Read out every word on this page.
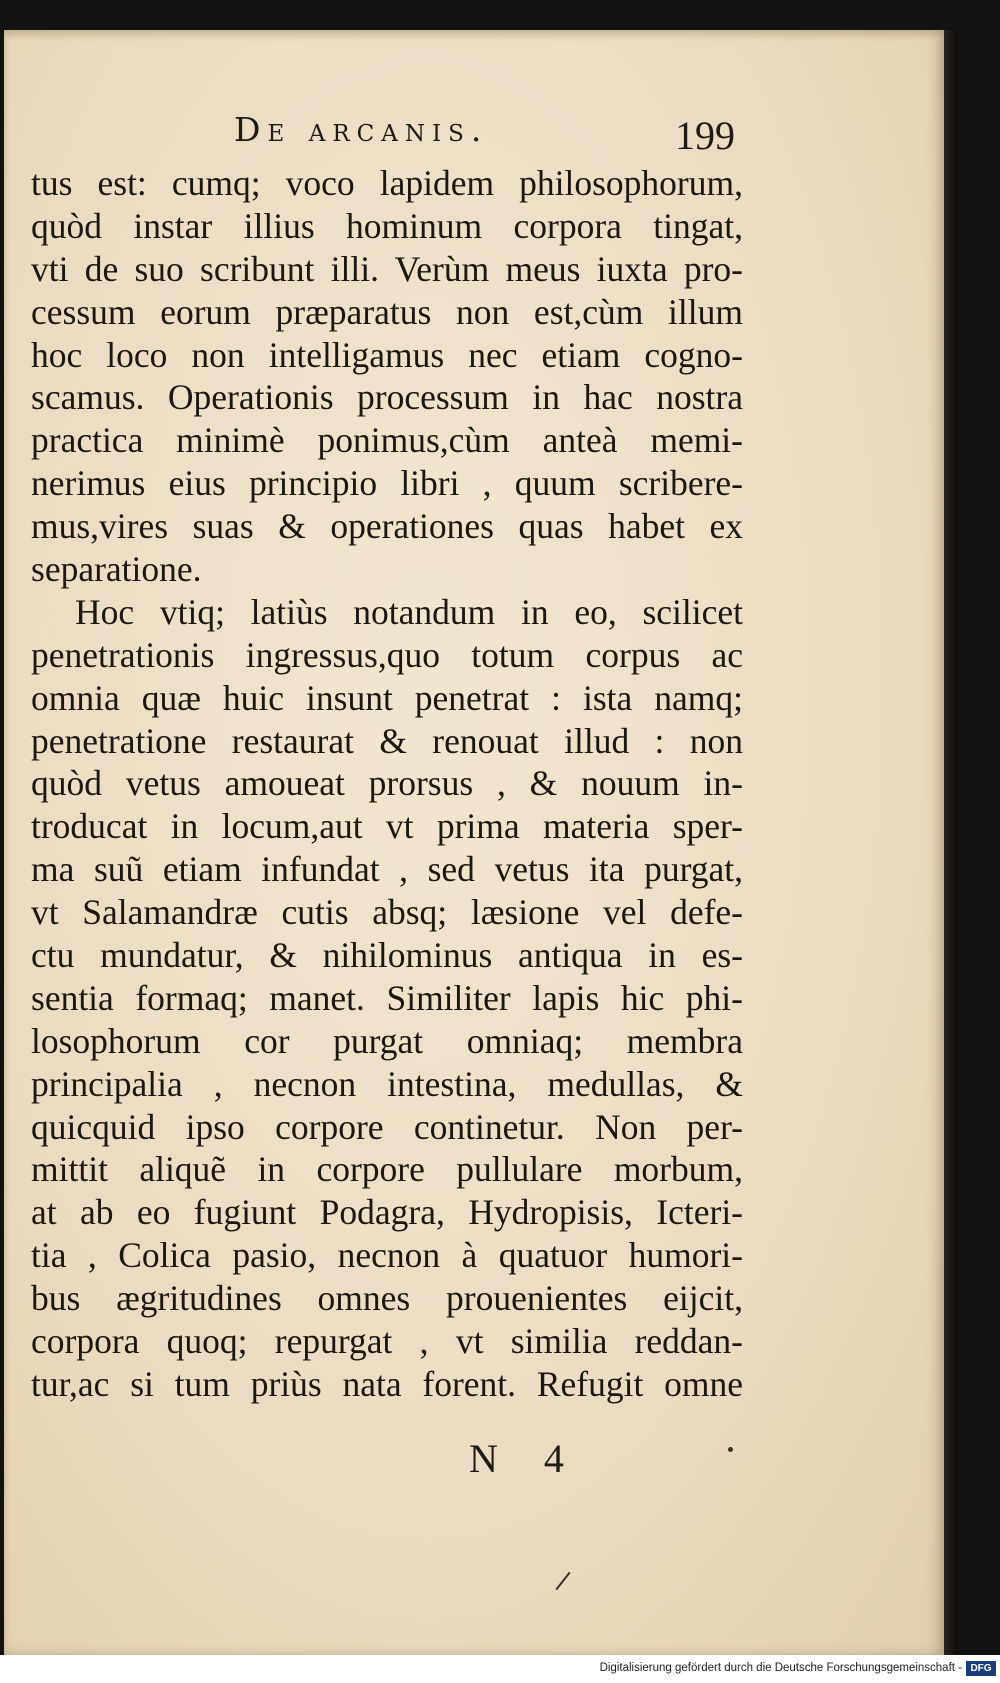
De arcanis.	199
tus est: cumq; voco lapidem philosophorum,
quòd instar illius hominum corpora tingat,
vti de suo scribunt illi. Verùm meus iuxta pro-
cessum eorum præparatus non est,cùm illum
hoc loco non intelligamus nec etiam cogno-
scamus. Operationis processum in hac nostra
practica minimè ponimus,cùm anteà memi-
nerimus eius principio libri , quum scribere-
mus,vires suas & operationes quas habet ex
separatione.
Hoc vtiq; latiùs notandum in eo, scilicet
penetrationis ingressus,quo totum corpus ac
omnia quæ huic insunt penetrat : ista namq;
penetratione restaurat & renouat illud : non
quòd vetus amoueat prorsus , & nouum in-
troducat in locum,aut vt prima materia sper-
ma suũ etiam infundat , sed vetus ita purgat,
vt Salamandræ cutis absq; læsione vel defe-
ctu mundatur, & nihilominus antiqua in es-
sentia formaq; manet. Similiter lapis hic phi-
losophorum cor purgat omniaq; membra
principalia , necnon intestina, medullas, &
quicquid ipso corpore continetur. Non per-
mittit aliquẽ in corpore pullulare morbum,
at ab eo fugiunt Podagra, Hydropisis, Icteri-
tia , Colica pasio, necnon à quatuor humori-
bus ægritudines omnes prouenientes eijcit,
corpora quoq; repurgat , vt similia reddan-
tur,ac si tum priùs nata forent. Refugit omne
N 4
Digitalisierung gefördert durch die Deutsche Forschungsgemeinschaft - DFG
